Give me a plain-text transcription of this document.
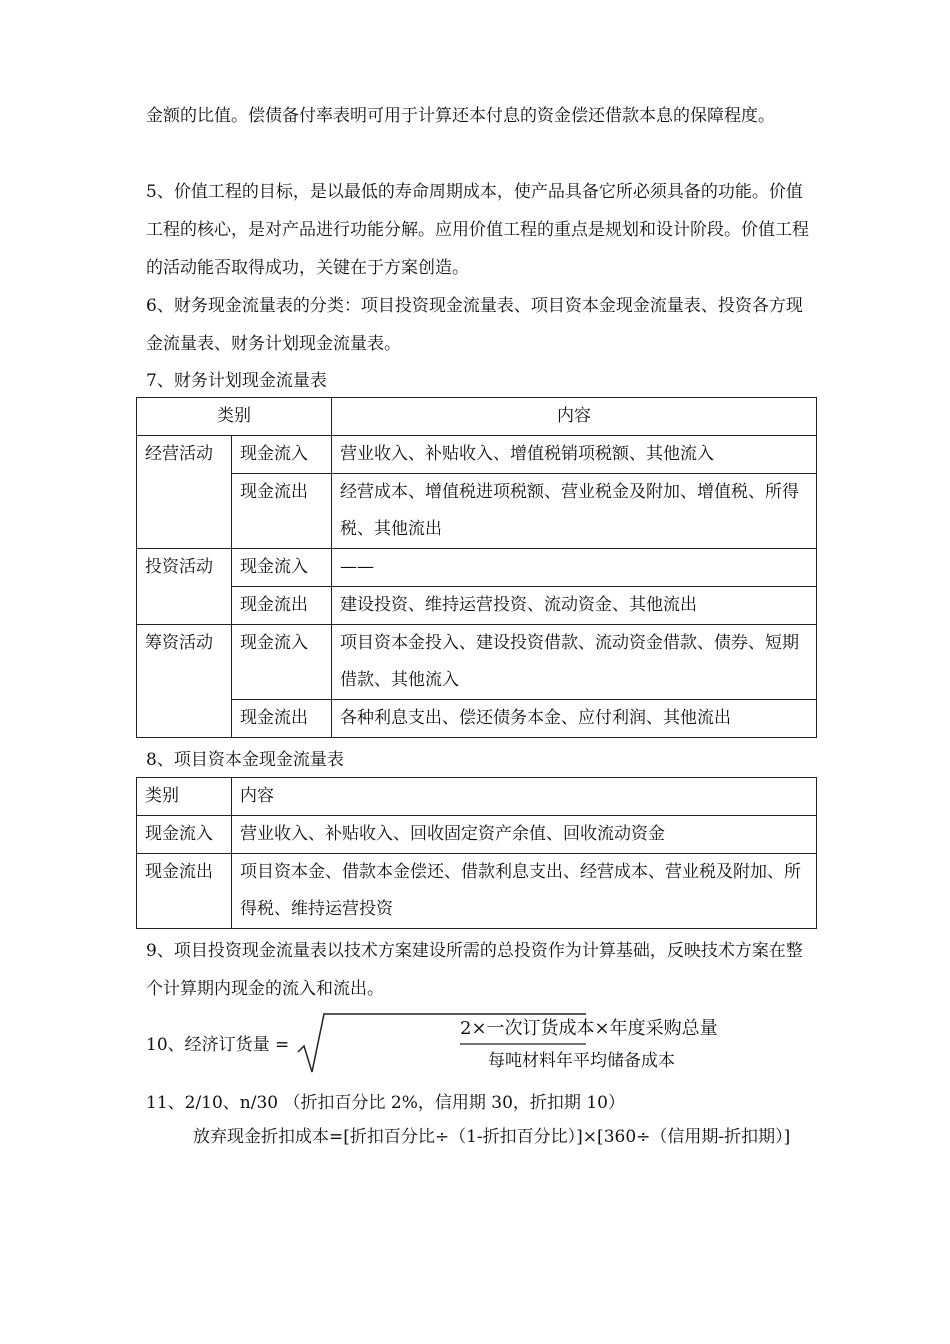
金额的比值。偿债备付率表明可用于计算还本付息的资金偿还借款本息的保障程度。

5、价值工程的目标，是以最低的寿命周期成本，使产品具备它所必须具备的功能。价值工程的核心，是对产品进行功能分解。应用价值工程的重点是规划和设计阶段。价值工程的活动能否取得成功，关键在于方案创造。

6、财务现金流量表的分类：项目投资现金流量表、项目资本金现金流量表、投资各方现金流量表、财务计划现金流量表。

7、财务计划现金流量表
类别		内容
经营活动	现金流入	营业收入、补贴收入、增值税销项税额、其他流入
	现金流出	经营成本、增值税进项税额、营业税金及附加、增值税、所得税、其他流出
投资活动	现金流入	——
	现金流出	建设投资、维持运营投资、流动资金、其他流出
筹资活动	现金流入	项目资本金投入、建设投资借款、流动资金借款、债券、短期借款、其他流入
	现金流出	各种利息支出、偿还债务本金、应付利润、其他流出
8、项目资本金现金流量表
类别	内容
现金流入	营业收入、补贴收入、回收固定资产余值、回收流动资金
现金流出	项目资本金、借款本金偿还、借款利息支出、经营成本、营业税及附加、所得税、维持运营投资

9、项目投资现金流量表以技术方案建设所需的总投资作为计算基础，反映技术方案在整个计算期内现金的流入和流出。

10、经济订货量 =
2×一次订货成本×年度采购总量
每吨材料年平均储备成本
11、2/10、n/30 （折扣百分比 2%，信用期 30，折扣期 10）

放弃现金折扣成本=[折扣百分比÷（1-折扣百分比）]×[360÷（信用期-折扣期）]
